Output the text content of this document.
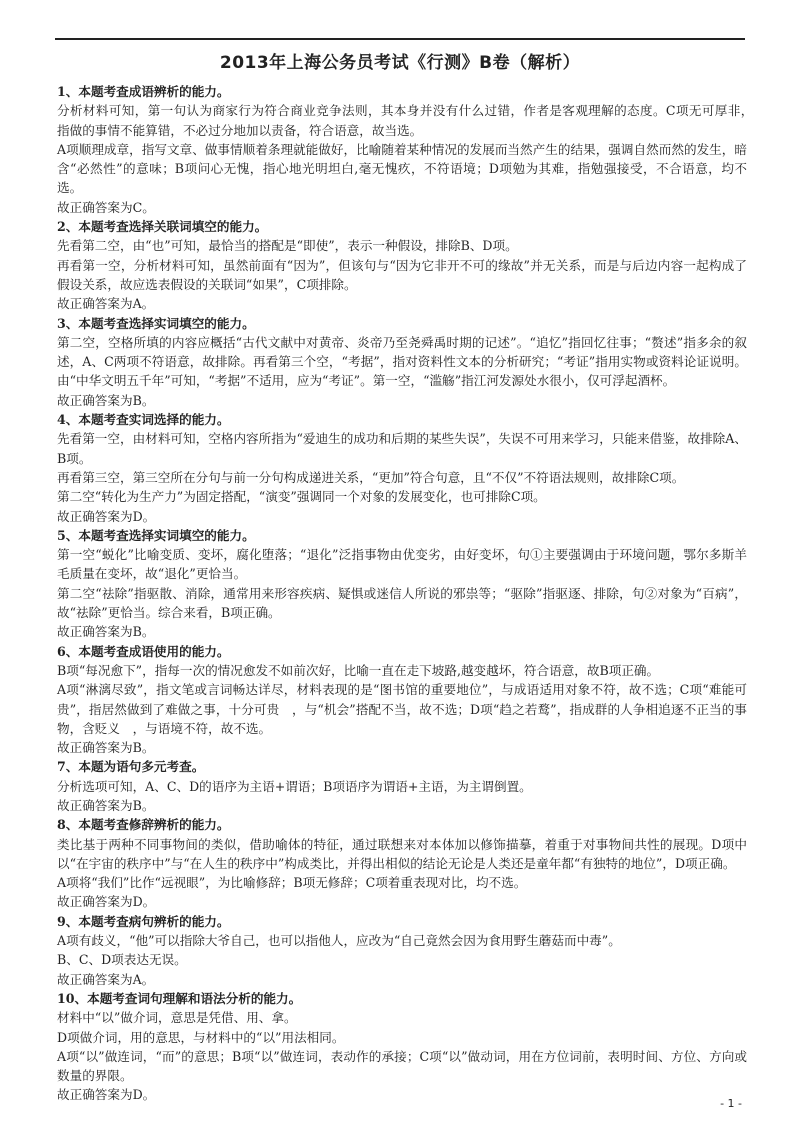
2013年上海公务员考试《行测》B卷（解析）

1、本题考查成语辨析的能力。

分析材料可知，第一句认为商家行为符合商业竞争法则，其本身并没有什么过错，作者是客观理解的态度。C项无可厚非，　指做的事情不能算错，不必过分地加以责备，符合语意，故当选。

A项顺理成章，指写文章、做事情顺着条理就能做好，比喻随着某种情况的发展而当然产生的结果，强调自然而然的发生，暗含“必然性”的意味；B项问心无愧，指心地光明坦白,毫无愧疚，不符语境；D项勉为其难，指勉强接受，不合语意，均不选。

故正确答案为C。

2、本题考查选择关联词填空的能力。

先看第二空，由“也”可知，最恰当的搭配是“即使”，表示一种假设，排除B、D项。

再看第一空，分析材料可知，虽然前面有“因为”，但该句与“因为它非开不可的缘故”并无关系，而是与后边内容一起构成了假设关系，故应选表假设的关联词“如果”，C项排除。

故正确答案为A。

3、本题考查选择实词填空的能力。

第二空，空格所填的内容应概括“古代文献中对黄帝、炎帝乃至尧舜禹时期的记述”。“追忆”指回忆往事；“赘述”指多余的叙述，A、C两项不符语意，故排除。再看第三个空，“考据”，指对资料性文本的分析研究；“考证”指用实物或资料论证说明。由“中华文明五千年”可知，“考据”不适用，应为“考证”。第一空，“滥觞”指江河发源处水很小，仅可浮起酒杯。

故正确答案为B。

4、本题考查实词选择的能力。

先看第一空，由材料可知，空格内容所指为“爱迪生的成功和后期的某些失误”，失误不可用来学习，只能来借鉴，故排除A、B项。

再看第三空，第三空所在分句与前一分句构成递进关系，“更加”符合句意，且“不仅”不符语法规则，故排除C项。

第二空“转化为生产力”为固定搭配，“演变”强调同一个对象的发展变化，也可排除C项。

故正确答案为D。

5、本题考查选择实词填空的能力。

第一空“蜕化”比喻变质、变坏，腐化堕落；“退化”泛指事物由优变劣，由好变坏，句①主要强调由于环境问题，鄂尔多斯羊毛质量在变坏，故“退化”更恰当。

第二空“祛除”指驱散、消除，通常用来形容疾病、疑惧或迷信人所说的邪祟等；“驱除”指驱逐、排除，句②对象为“百病”，故“祛除”更恰当。综合来看，B项正确。

故正确答案为B。

6、本题考查成语使用的能力。

B项“每况愈下”，指每一次的情况愈发不如前次好，比喻一直在走下坡路,越变越坏，符合语意，故B项正确。

A项“淋漓尽致”，指文笔或言词畅达详尽，材料表现的是“图书馆的重要地位”，与成语适用对象不符，故不选；C项“难能可贵”，指居然做到了难做之事，十分可贵　，与“机会”搭配不当，故不选；D项“趋之若鹜”，指成群的人争相追逐不正当的事物，含贬义　，与语境不符，故不选。

故正确答案为B。

7、本题为语句多元考查。

分析选项可知，A、C、D的语序为主语+谓语；B项语序为谓语+主语，为主谓倒置。

故正确答案为B。

8、本题考查修辞辨析的能力。

类比基于两种不同事物间的类似，借助喻体的特征，通过联想来对本体加以修饰描摹，着重于对事物间共性的展现。D项中以“在宇宙的秩序中”与“在人生的秩序中”构成类比，并得出相似的结论无论是人类还是童年都“有独特的地位”，D项正确。

A项将“我们”比作“远视眼”，为比喻修辞；B项无修辞；C项着重表现对比，均不选。

故正确答案为D。

9、本题考查病句辨析的能力。

A项有歧义，“他”可以指除大爷自己，也可以指他人，应改为“自己竟然会因为食用野生蘑菇而中毒”。

B、C、D项表达无误。

故正确答案为A。

10、本题考查词句理解和语法分析的能力。

材料中“以”做介词，意思是凭借、用、拿。

D项做介词，用的意思，与材料中的“以”用法相同。

A项“以”做连词，“而”的意思；B项“以”做连词，表动作的承接；C项“以”做动词，用在方位词前，表明时间、方位、方向或数量的界限。

故正确答案为D。

- 1 -
